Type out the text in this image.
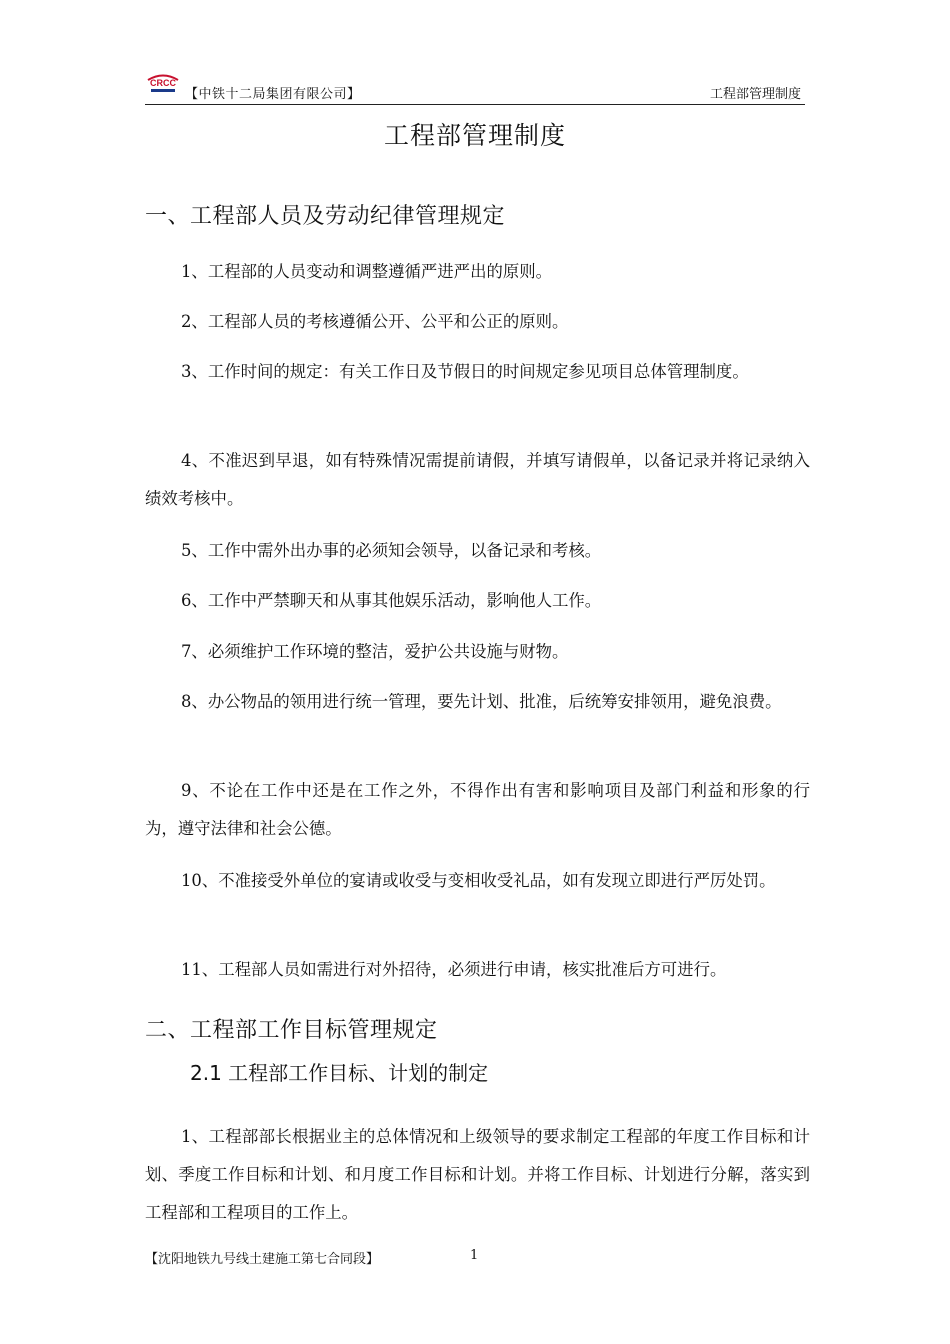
CRCC
【中铁十二局集团有限公司】	工程部管理制度
工程部管理制度
一、工程部人员及劳动纪律管理规定

1、工程部的人员变动和调整遵循严进严出的原则。

2、工程部人员的考核遵循公开、公平和公正的原则。

3、工作时间的规定：有关工作日及节假日的时间规定参见项目总体管理制度。

4、不准迟到早退，如有特殊情况需提前请假，并填写请假单，以备记录并将记录纳入绩效考核中。

5、工作中需外出办事的必须知会领导，以备记录和考核。

6、工作中严禁聊天和从事其他娱乐活动，影响他人工作。

7、必须维护工作环境的整洁，爱护公共设施与财物。

8、办公物品的领用进行统一管理，要先计划、批准，后统筹安排领用，避免浪费。

9、不论在工作中还是在工作之外，不得作出有害和影响项目及部门利益和形象的行为，遵守法律和社会公德。

10、不准接受外单位的宴请或收受与变相收受礼品，如有发现立即进行严厉处罚。

11、工程部人员如需进行对外招待，必须进行申请，核实批准后方可进行。

二、工程部工作目标管理规定
2.1 工程部工作目标、计划的制定

1、工程部部长根据业主的总体情况和上级领导的要求制定工程部的年度工作目标和计划、季度工作目标和计划、和月度工作目标和计划。并将工作目标、计划进行分解，落实到工程部和工程项目的工作上。

【沈阳地铁九号线土建施工第七合同段】	1
